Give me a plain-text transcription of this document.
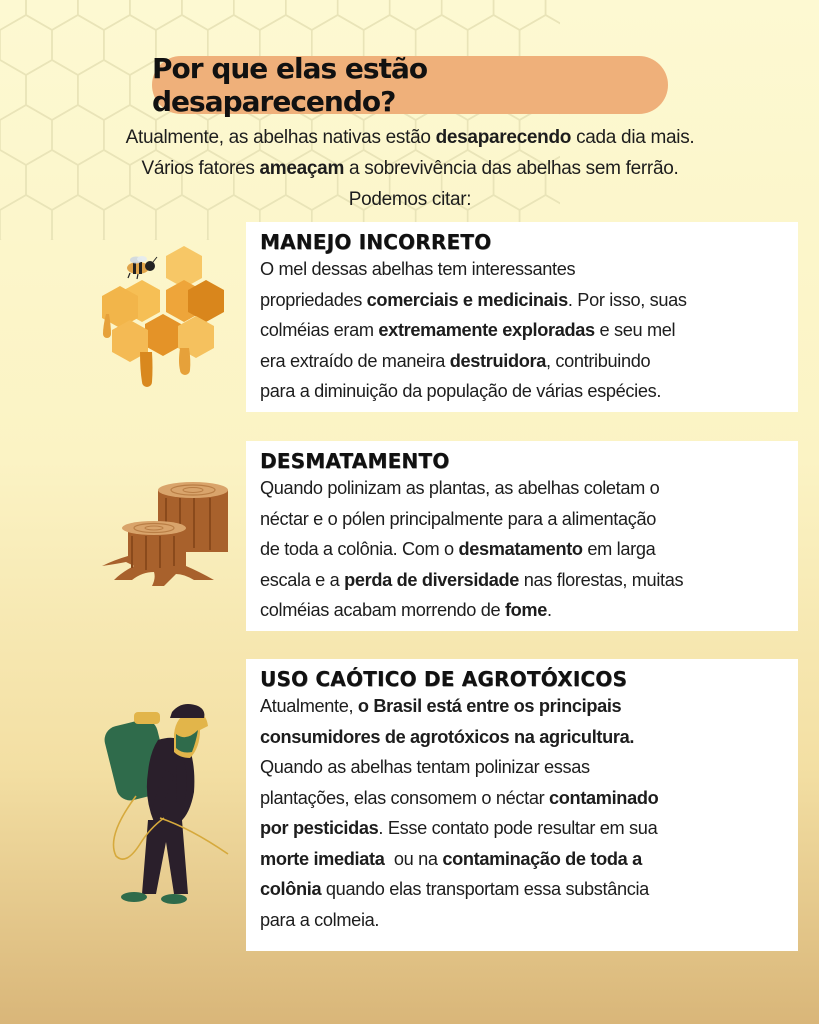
Por que elas estão desaparecendo?

Atualmente, as abelhas nativas estão desaparecendo cada dia mais.

Vários fatores ameaçam a sobrevivência das abelhas sem ferrão.

Podemos citar:

MANEJO INCORRETO
O mel dessas abelhas tem interessantes
propriedades comerciais e medicinais. Por isso, suas
colméias eram extremamente exploradas e seu mel
era extraído de maneira destruidora, contribuindo
para a diminuição da população de várias espécies.
DESMATAMENTO
Quando polinizam as plantas, as abelhas coletam o
néctar e o pólen principalmente para a alimentação
de toda a colônia. Com o desmatamento em larga
escala e a perda de diversidade nas florestas, muitas
colméias acabam morrendo de fome.
USO CAÓTICO DE AGROTÓXICOS
Atualmente, o Brasil está entre os principais
consumidores de agrotóxicos na agricultura.
Quando as abelhas tentam polinizar essas
plantações, elas consomem o néctar contaminado
por pesticidas. Esse contato pode resultar em sua
morte imediata  ou na contaminação de toda a
colônia quando elas transportam essa substância
para a colmeia.
